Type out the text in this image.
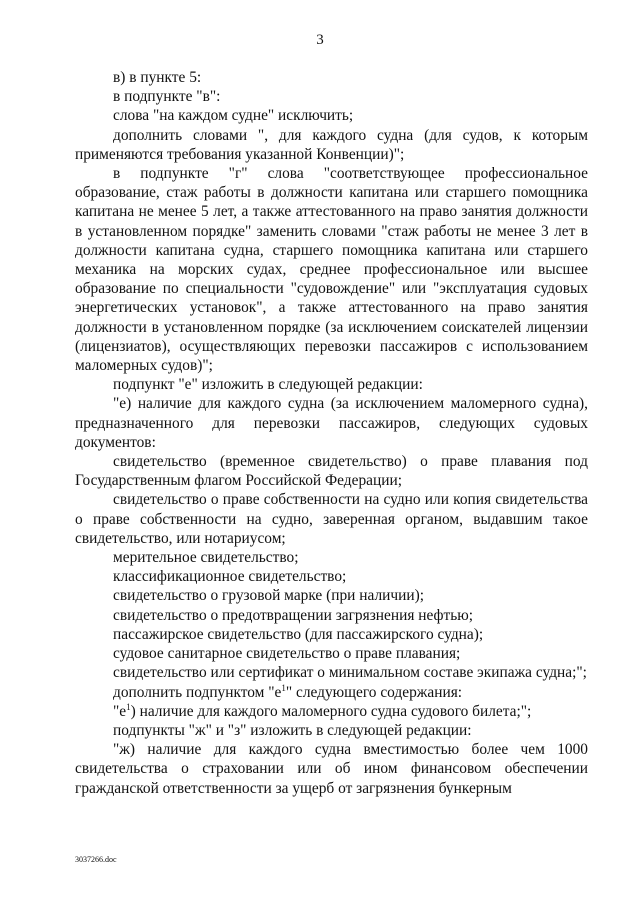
3

в) в пункте 5:

в подпункте "в":

слова "на каждом судне" исключить;

дополнить словами ", для каждого судна (для судов, к которым применяются требования указанной Конвенции)";

в подпункте "г" слова "соответствующее профессиональное образование, стаж работы в должности капитана или старшего помощника капитана не менее 5 лет, а также аттестованного на право занятия должности в установленном порядке" заменить словами "стаж работы не менее 3 лет в должности капитана судна, старшего помощника капитана или старшего механика на морских судах, среднее профессиональное или высшее образование по специальности "судовождение" или "эксплуатация судовых энергетических установок", а также аттестованного на право занятия должности в установленном порядке (за исключением соискателей лицензии (лицензиатов), осуществляющих перевозки пассажиров с использованием маломерных судов)";

подпункт "е" изложить в следующей редакции:

"е) наличие для каждого судна (за исключением маломерного судна), предназначенного для перевозки пассажиров, следующих судовых документов:

свидетельство (временное свидетельство) о праве плавания под Государственным флагом Российской Федерации;

свидетельство о праве собственности на судно или копия свидетельства о праве собственности на судно, заверенная органом, выдавшим такое свидетельство, или нотариусом;

мерительное свидетельство;

классификационное свидетельство;

свидетельство о грузовой марке (при наличии);

свидетельство о предотвращении загрязнения нефтью;

пассажирское свидетельство (для пассажирского судна);

судовое санитарное свидетельство о праве плавания;

свидетельство или сертификат о минимальном составе экипажа судна;";

дополнить подпунктом "$е^1$" следующего содержания:

"$е^1$) наличие для каждого маломерного судна судового билета;";

подпункты "ж" и "з" изложить в следующей редакции:

"ж) наличие для каждого судна вместимостью более чем 1000 свидетельства о страховании или об ином финансовом обеспечении гражданской ответственности за ущерб от загрязнения бункерным

3037266.doc
